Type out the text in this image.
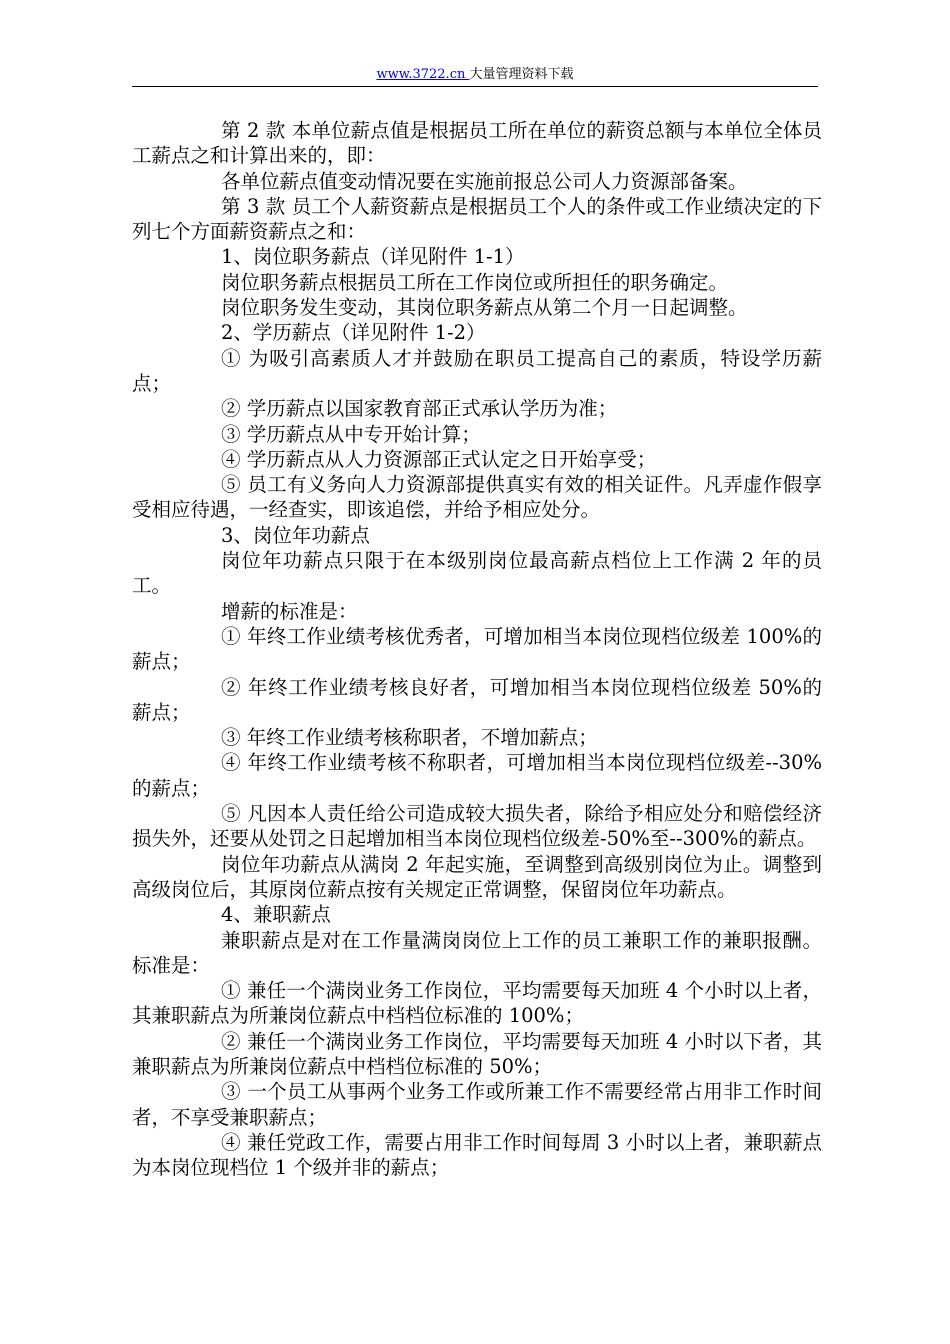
www.3722.cn 大量管理资料下载

第 2 款 本单位薪点值是根据员工所在单位的薪资总额与本单位全体员工薪点之和计算出来的，即：

各单位薪点值变动情况要在实施前报总公司人力资源部备案。

第 3 款 员工个人薪资薪点是根据员工个人的条件或工作业绩决定的下列七个方面薪资薪点之和：

1、岗位职务薪点（详见附件 1-1）

岗位职务薪点根据员工所在工作岗位或所担任的职务确定。

岗位职务发生变动，其岗位职务薪点从第二个月一日起调整。

2、学历薪点（详见附件 1-2）

① 为吸引高素质人才并鼓励在职员工提高自己的素质，特设学历薪点；

② 学历薪点以国家教育部正式承认学历为准；

③ 学历薪点从中专开始计算；

④ 学历薪点从人力资源部正式认定之日开始享受；

⑤ 员工有义务向人力资源部提供真实有效的相关证件。凡弄虚作假享受相应待遇，一经查实，即该追偿，并给予相应处分。

3、岗位年功薪点

岗位年功薪点只限于在本级别岗位最高薪点档位上工作满 2 年的员工。

增薪的标准是：

① 年终工作业绩考核优秀者，可增加相当本岗位现档位级差 100%的薪点；

② 年终工作业绩考核良好者，可增加相当本岗位现档位级差 50%的薪点；

③ 年终工作业绩考核称职者，不增加薪点；

④ 年终工作业绩考核不称职者，可增加相当本岗位现档位级差--30%的薪点；

⑤ 凡因本人责任给公司造成较大损失者，除给予相应处分和赔偿经济损失外，还要从处罚之日起增加相当本岗位现档位级差-50%至--300%的薪点。

岗位年功薪点从满岗 2 年起实施，至调整到高级别岗位为止。调整到高级岗位后，其原岗位薪点按有关规定正常调整，保留岗位年功薪点。

4、兼职薪点

兼职薪点是对在工作量满岗岗位上工作的员工兼职工作的兼职报酬。标准是：

① 兼任一个满岗业务工作岗位，平均需要每天加班 4 个小时以上者，其兼职薪点为所兼岗位薪点中档档位标准的 100%；

② 兼任一个满岗业务工作岗位，平均需要每天加班 4 小时以下者，其兼职薪点为所兼岗位薪点中档档位标准的 50%；

③ 一个员工从事两个业务工作或所兼工作不需要经常占用非工作时间者，不享受兼职薪点；

④ 兼任党政工作，需要占用非工作时间每周 3 小时以上者，兼职薪点为本岗位现档位 1 个级并非的薪点；
